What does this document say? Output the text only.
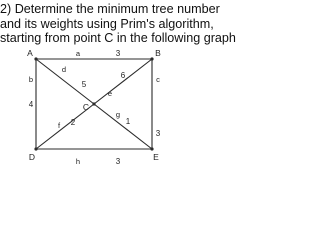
2) Determine the minimum tree number
and its weights using Prim's algorithm,
starting from point C in the following graph
A	B
C
D	E
a	3
b
4
c
3
d
5
e
6
f 2
g
1
h	3
